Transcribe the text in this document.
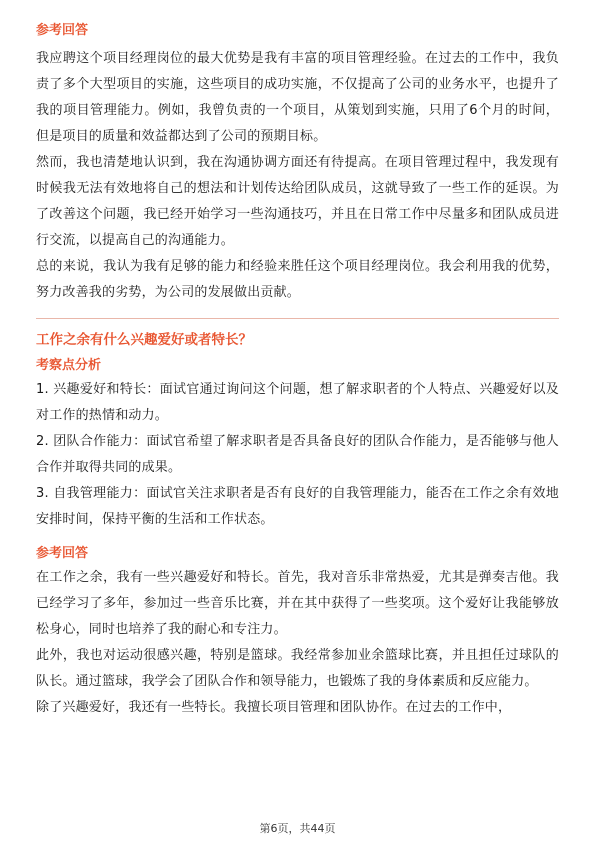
参考回答

我应聘这个项目经理岗位的最大优势是我有丰富的项目管理经验。在过去的工作中，我负责了多个大型项目的实施，这些项目的成功实施，不仅提高了公司的业务水平，也提升了我的项目管理能力。例如，我曾负责的一个项目，从策划到实施，只用了6个月的时间，但是项目的质量和效益都达到了公司的预期目标。

然而，我也清楚地认识到，我在沟通协调方面还有待提高。在项目管理过程中，我发现有时候我无法有效地将自己的想法和计划传达给团队成员，这就导致了一些工作的延误。为了改善这个问题，我已经开始学习一些沟通技巧，并且在日常工作中尽量多和团队成员进行交流，以提高自己的沟通能力。

总的来说，我认为我有足够的能力和经验来胜任这个项目经理岗位。我会利用我的优势，努力改善我的劣势，为公司的发展做出贡献。

工作之余有什么兴趣爱好或者特长？
考察点分析

1. 兴趣爱好和特长：面试官通过询问这个问题，想了解求职者的个人特点、兴趣爱好以及对工作的热情和动力。

2. 团队合作能力：面试官希望了解求职者是否具备良好的团队合作能力，是否能够与他人合作并取得共同的成果。

3. 自我管理能力：面试官关注求职者是否有良好的自我管理能力，能否在工作之余有效地安排时间，保持平衡的生活和工作状态。

参考回答

在工作之余，我有一些兴趣爱好和特长。首先，我对音乐非常热爱，尤其是弹奏吉他。我已经学习了多年，参加过一些音乐比赛，并在其中获得了一些奖项。这个爱好让我能够放松身心，同时也培养了我的耐心和专注力。

此外，我也对运动很感兴趣，特别是篮球。我经常参加业余篮球比赛，并且担任过球队的队长。通过篮球，我学会了团队合作和领导能力，也锻炼了我的身体素质和反应能力。

除了兴趣爱好，我还有一些特长。我擅长项目管理和团队协作。在过去的工作中，

第6页，共44页
